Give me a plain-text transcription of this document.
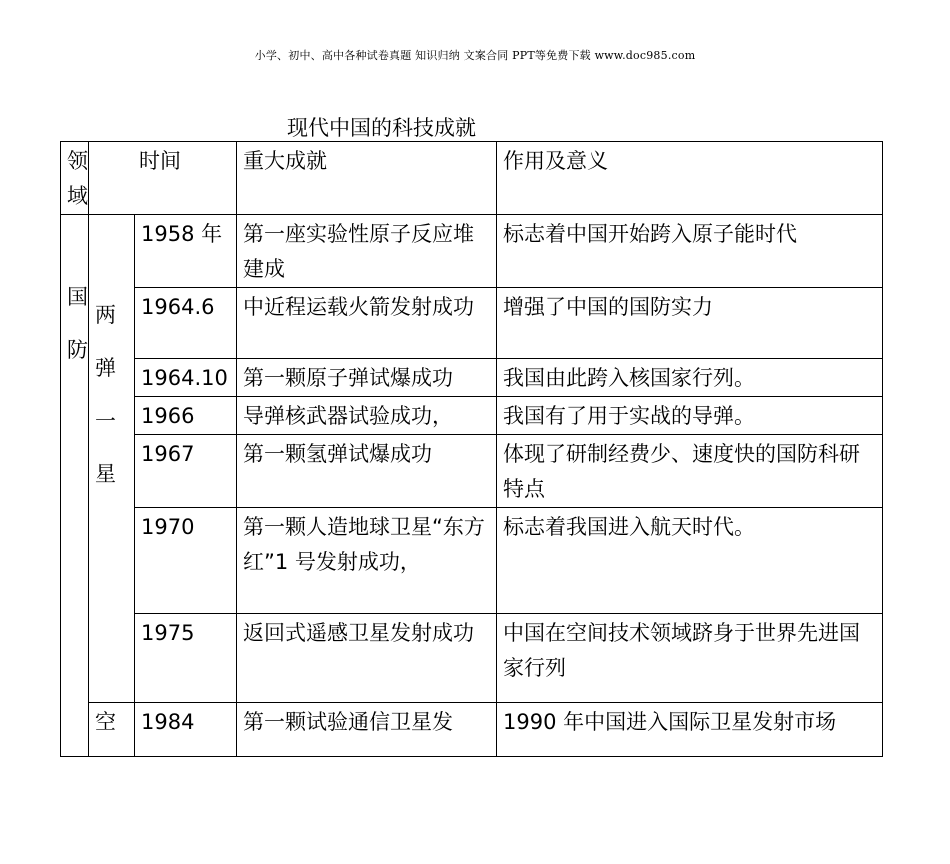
小学、初中、高中各种试卷真题 知识归纳 文案合同 PPT等免费下载 www.doc985.com
现代中国的科技成就
领域	时间		重大成就	作用及意义

国防	两弹一星	1958 年	第一座实验性原子反应堆建成	标志着中国开始跨入原子能时代
		1964.6	中近程运载火箭发射成功	增强了中国的国防实力
		1964.10	第一颗原子弹试爆成功	我国由此跨入核国家行列。
		1966	导弹核武器试验成功，	我国有了用于实战的导弹。
		1967	第一颗氢弹试爆成功	体现了研制经费少、速度快的国防科研特点
		1970	第一颗人造地球卫星“东方红”1 号发射成功，	标志着我国进入航天时代。
		1975	返回式遥感卫星发射成功	中国在空间技术领域跻身于世界先进国家行列

	空	1984	第一颗试验通信卫星发	1990 年中国进入国际卫星发射市场
